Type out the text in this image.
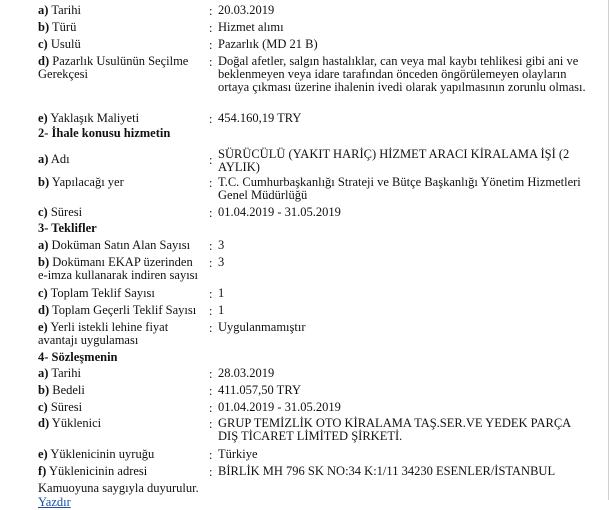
a) Tarihi	: 20.03.2019
b) Türü	: Hizmet alımı
c) Usulü	: Pazarlık (MD 21 B)
d) Pazarlık Usulünün Seçilme Gerekçesi
: Doğal afetler, salgın hastalıklar, can veya mal kaybı tehlikesi gibi ani ve beklenmeyen veya idare tarafından önceden öngörülemeyen olayların ortaya çıkması üzerine ihalenin ivedi olarak yapılmasının zorunlu olması.
e) Yaklaşık Maliyeti	: 454.160,19 TRY
2- İhale konusu hizmetin
a) Adı	: SÜRÜCÜLÜ (YAKIT HARİÇ) HİZMET ARACI KİRALAMA İŞİ (2 AYLIK)
b) Yapılacağı yer	: T.C. Cumhurbaşkanlığı Strateji ve Bütçe Başkanlığı Yönetim Hizmetleri Genel Müdürlüğü
c) Süresi	: 01.04.2019 - 31.05.2019
3- Teklifler
a) Doküman Satın Alan Sayısı	: 3
b) Dokümanı EKAP üzerinden e-imza kullanarak indiren sayısı
: 3
c) Toplam Teklif Sayısı	: 1
d) Toplam Geçerli Teklif Sayısı	: 1
e) Yerli istekli lehine fiyat avantajı uygulaması
: Uygulanmamıştır
4- Sözleşmenin
a) Tarihi	: 28.03.2019
b) Bedeli	: 411.057,50 TRY
c) Süresi	: 01.04.2019 - 31.05.2019
d) Yüklenici	: GRUP TEMİZLİK OTO KİRALAMA TAŞ.SER.VE YEDEK PARÇA DIŞ TİCARET LİMİTED ŞİRKETİ.
e) Yüklenicinin uyruğu	: Türkiye
f) Yüklenicinin adresi	: BİRLİK MH 796 SK NO:34 K:1/11 34230 ESENLER/İSTANBUL
Kamuoyuna saygıyla duyurulur.
Yazdır
